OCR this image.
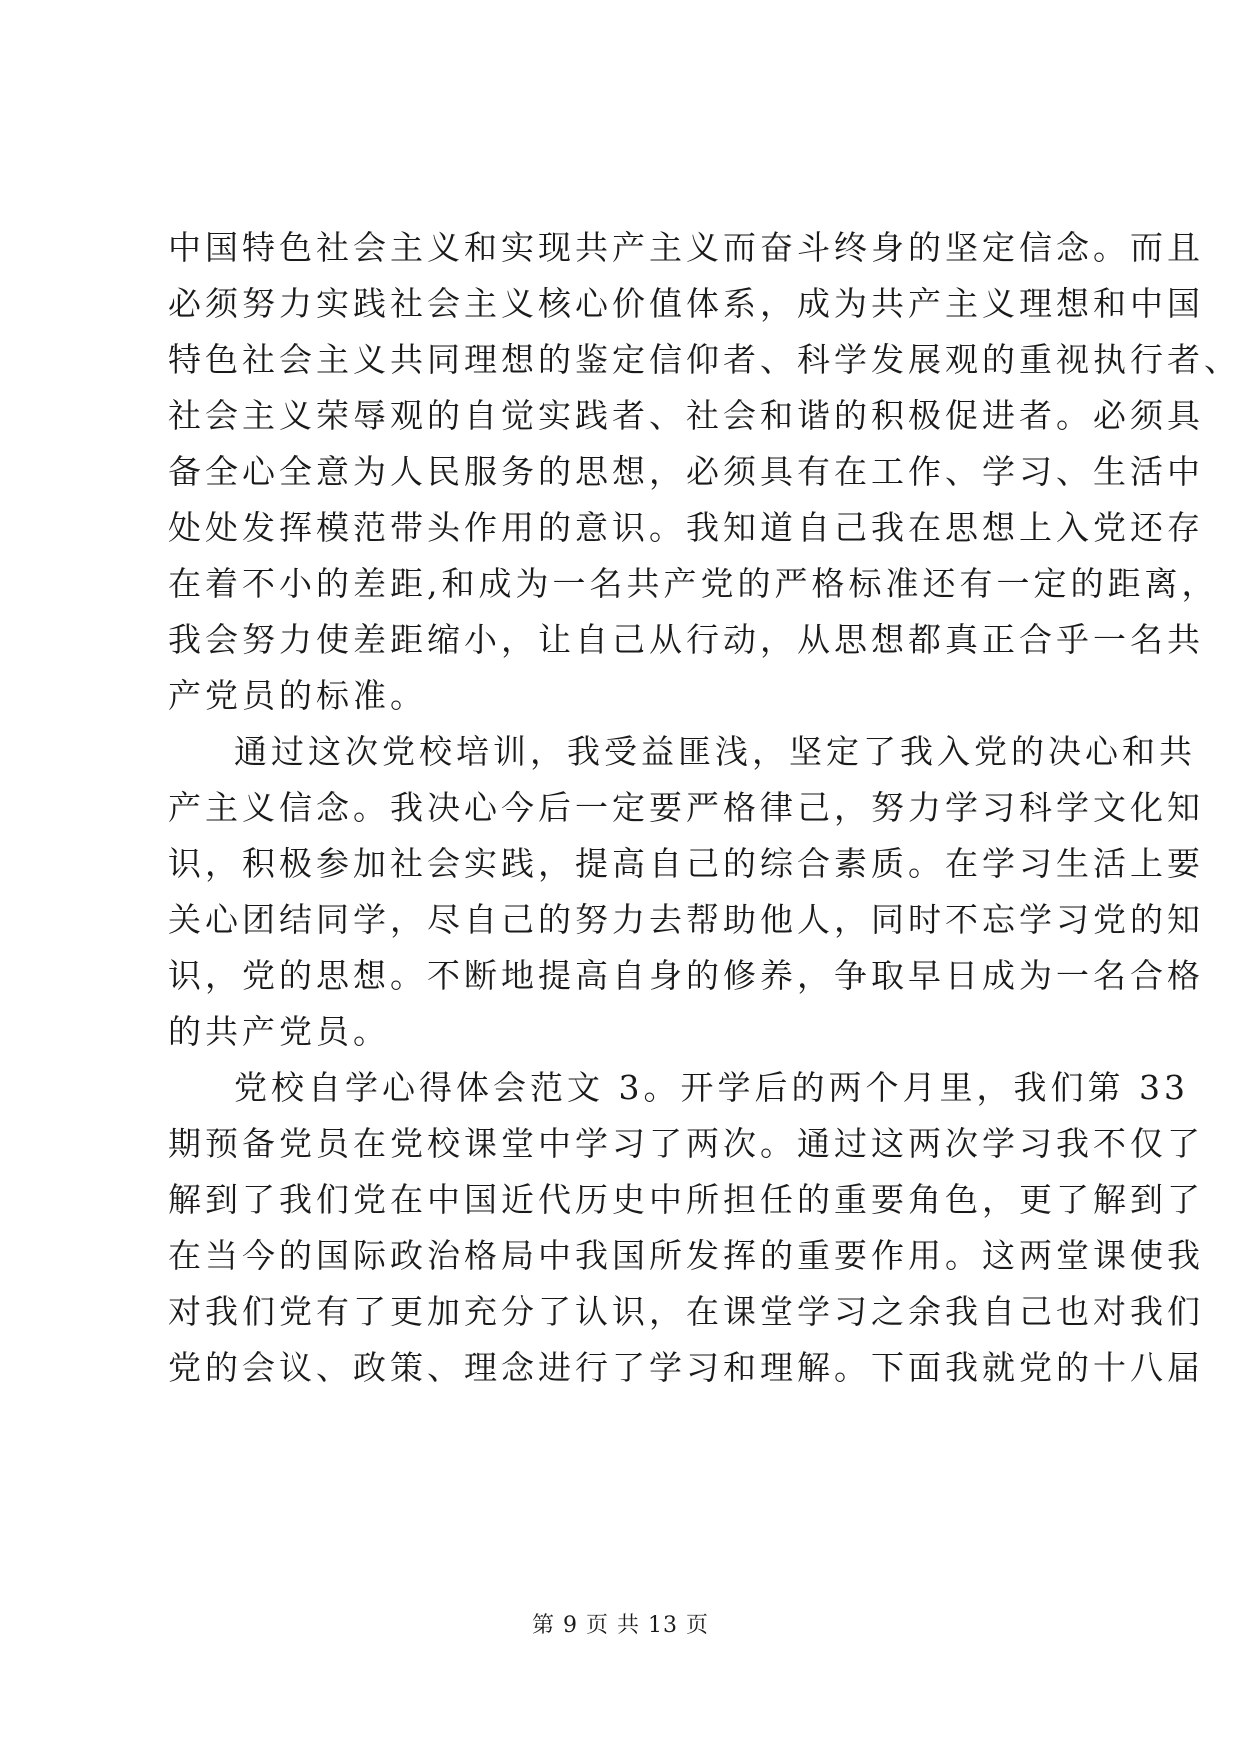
中国特色社会主义和实现共产主义而奋斗终身的坚定信念。而且
必须努力实践社会主义核心价值体系，成为共产主义理想和中国
特色社会主义共同理想的鉴定信仰者、科学发展观的重视执行者、
社会主义荣辱观的自觉实践者、社会和谐的积极促进者。必须具
备全心全意为人民服务的思想，必须具有在工作、学习、生活中
处处发挥模范带头作用的意识。我知道自己我在思想上入党还存
在着不小的差距,和成为一名共产党的严格标准还有一定的距离，
我会努力使差距缩小，让自己从行动，从思想都真正合乎一名共
产党员的标准。
通过这次党校培训，我受益匪浅，坚定了我入党的决心和共
产主义信念。我决心今后一定要严格律己，努力学习科学文化知
识，积极参加社会实践，提高自己的综合素质。在学习生活上要
关心团结同学，尽自己的努力去帮助他人，同时不忘学习党的知
识，党的思想。不断地提高自身的修养，争取早日成为一名合格
的共产党员。
党校自学心得体会范文 3。开学后的两个月里，我们第 33
期预备党员在党校课堂中学习了两次。通过这两次学习我不仅了
解到了我们党在中国近代历史中所担任的重要角色，更了解到了
在当今的国际政治格局中我国所发挥的重要作用。这两堂课使我
对我们党有了更加充分了认识，在课堂学习之余我自己也对我们
党的会议、政策、理念进行了学习和理解。下面我就党的十八届
第 9 页 共 13 页
